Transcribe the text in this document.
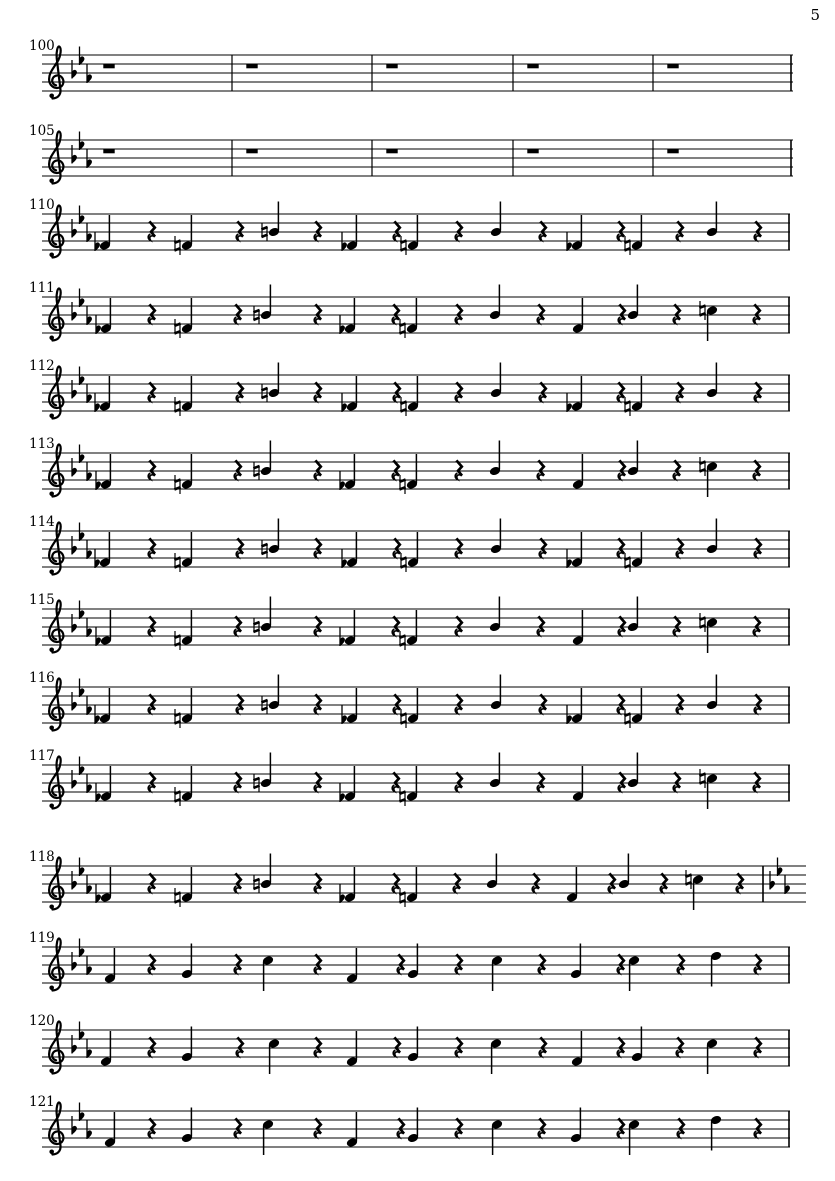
5
100
105
110
111
112
113
114
115
116
117
118
119
120
121
